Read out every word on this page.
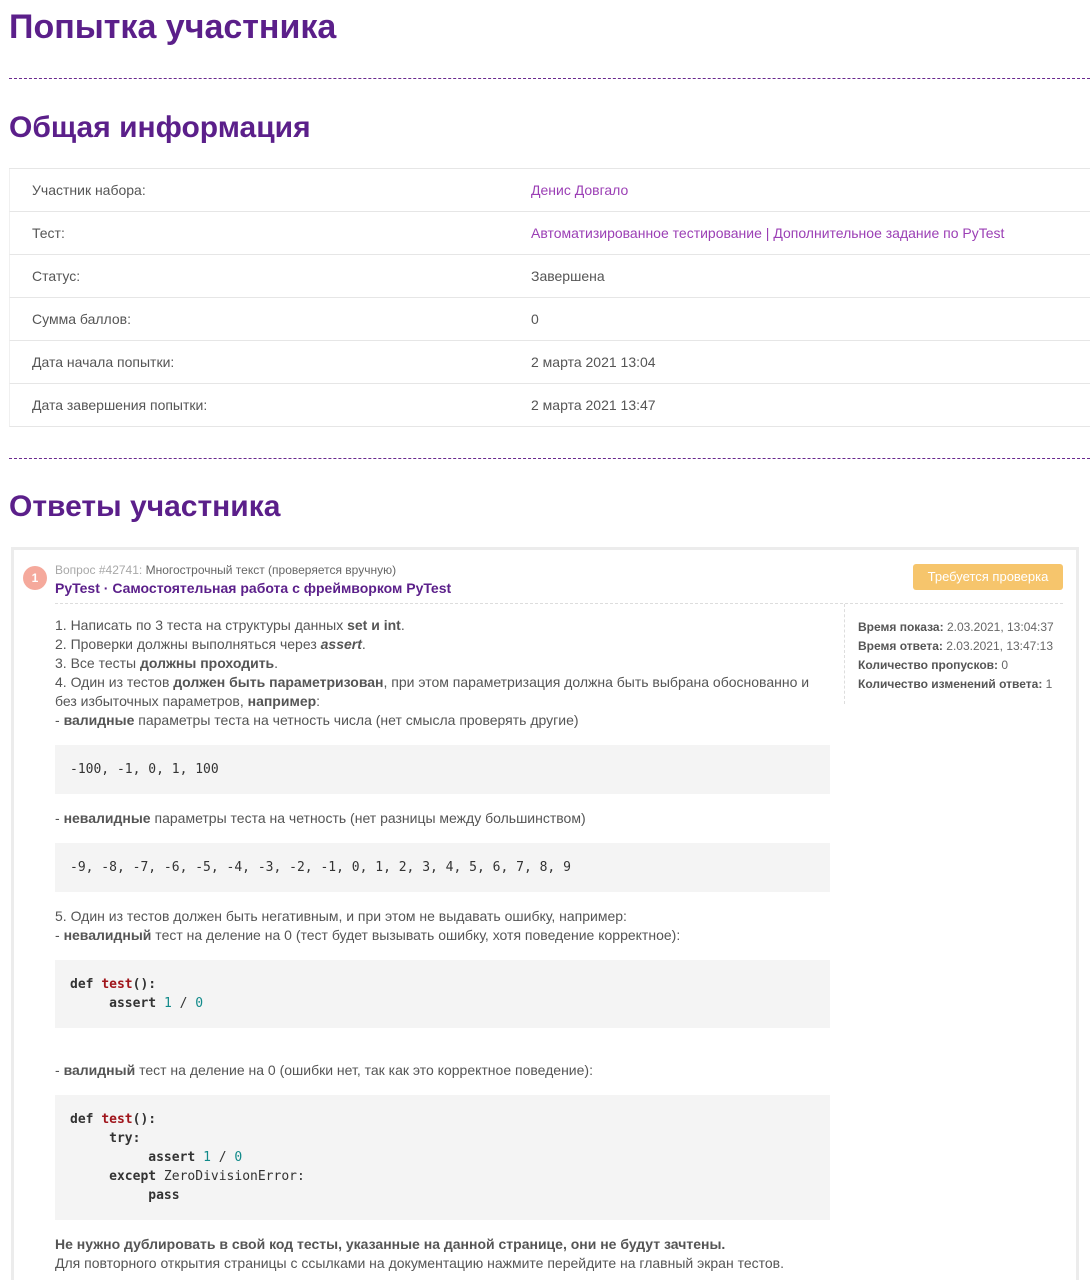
Попытка участника
Общая информация
Участник набора:	Денис Довгало
Тест:	Автоматизированное тестирование | Дополнительное задание по PyTest
Статус:	Завершена
Сумма баллов:	0
Дата начала попытки:	2 марта 2021 13:04
Дата завершения попытки:	2 марта 2021 13:47
Ответы участника
1
Вопрос #42741: Многострочный текст (проверяется вручную)
PyTest · Самостоятельная работа с фреймворком PyTest
Требуется проверка
Время показа: 2.03.2021, 13:04:37
Время ответа: 2.03.2021, 13:47:13
Количество пропусков: 0
Количество изменений ответа: 1

1. Написать по 3 теста на структуры данных set и int.

2. Проверки должны выполняться через assert.

3. Все тесты должны проходить.

4. Один из тестов должен быть параметризован, при этом параметризация должна быть выбрана обоснованно и без избыточных параметров, например:

- валидные параметры теста на четность числа (нет смысла проверять другие)

-100, -1, 0, 1, 100

- невалидные параметры теста на четность (нет разницы между большинством)

-9, -8, -7, -6, -5, -4, -3, -2, -1, 0, 1, 2, 3, 4, 5, 6, 7, 8, 9

5. Один из тестов должен быть негативным, и при этом не выдавать ошибку, например:

- невалидный тест на деление на 0 (тест будет вызывать ошибку, хотя поведение корректное):

def test():
assert 1 / 0

- валидный тест на деление на 0 (ошибки нет, так как это корректное поведение):

def test():
try:
assert 1 / 0
except ZeroDivisionError:
pass

Не нужно дублировать в свой код тесты, указанные на данной странице, они не будут зачтены.

Для повторного открытия страницы с ссылками на документацию нажмите перейдите на главный экран тестов.
